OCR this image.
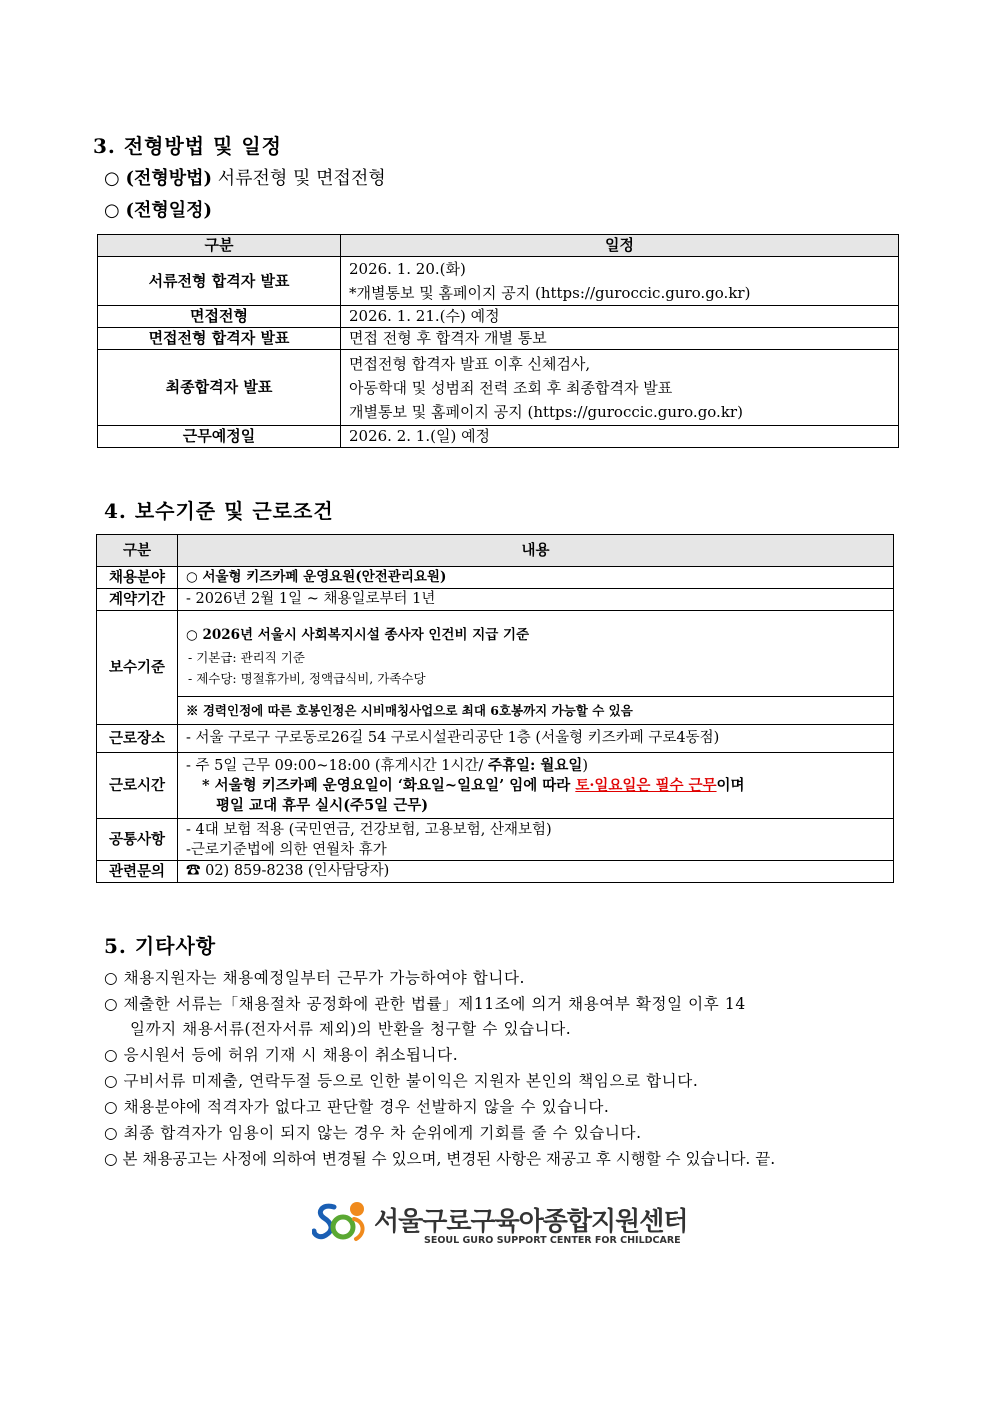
3. 전형방법 및 일정
○ (전형방법) 서류전형 및 면접전형
○ (전형일정)
구분	일정
서류전형 합격자 발표	2026. 1. 20.(화)
*개별통보 및 홈페이지 공지 (https://guroccic.guro.go.kr)

면접전형	2026. 1. 21.(수) 예정
면접전형 합격자 발표	면접 전형 후 합격자 개별 통보
최종합격자 발표	면접전형 합격자 발표 이후 신체검사,
아동학대 및 성범죄 전력 조회 후 최종합격자 발표
개별통보 및 홈페이지 공지 (https://guroccic.guro.go.kr)

근무예정일	2026. 2. 1.(일) 예정
4. 보수기준 및 근로조건
구분	내용
채용분야	○ 서울형 키즈카페 운영요원(안전관리요원)
계약기간	- 2026년 2월 1일 ~ 채용일로부터 1년
보수기준	○ 2026년 서울시 사회복지시설 종사자 인건비 지급 기준
- 기본급: 관리직 기준
- 제수당: 명절휴가비, 정액급식비, 가족수당

	※ 경력인정에 따른 호봉인정은 시비매칭사업으로 최대 6호봉까지 가능할 수 있음
근로장소	- 서울 구로구 구로동로26길 54 구로시설관리공단 1층 (서울형 키즈카페 구로4동점)
근로시간	- 주 5일 근무 09:00~18:00 (휴게시간 1시간/ 주휴일: 월요일)
* 서울형 키즈카페 운영요일이 ‘화요일~일요일’ 임에 따라 토·일요일은 필수 근무이며
평일 교대 휴무 실시(주5일 근무)

공통사항	- 4대 보험 적용 (국민연금, 건강보험, 고용보험, 산재보험)
-근로기준법에 의한 연월차 휴가

관련문의	☎ 02) 859-8238 (인사담당자)
5. 기타사항
○ 채용지원자는 채용예정일부터 근무가 가능하여야 합니다.
○ 제출한 서류는「채용절차 공정화에 관한 법률」제11조에 의거 채용여부 확정일 이후 14
일까지 채용서류(전자서류 제외)의 반환을 청구할 수 있습니다.
○ 응시원서 등에 허위 기재 시 채용이 취소됩니다.
○ 구비서류 미제출, 연락두절 등으로 인한 불이익은 지원자 본인의 책임으로 합니다.
○ 채용분야에 적격자가 없다고 판단할 경우 선발하지 않을 수 있습니다.
○ 최종 합격자가 임용이 되지 않는 경우 차 순위에게 기회를 줄 수 있습니다.
○ 본 채용공고는 사정에 의하여 변경될 수 있으며, 변경된 사항은 재공고 후 시행할 수 있습니다. 끝.
서울구로구육아종합지원센터
SEOUL GURO SUPPORT CENTER FOR CHILDCARE
